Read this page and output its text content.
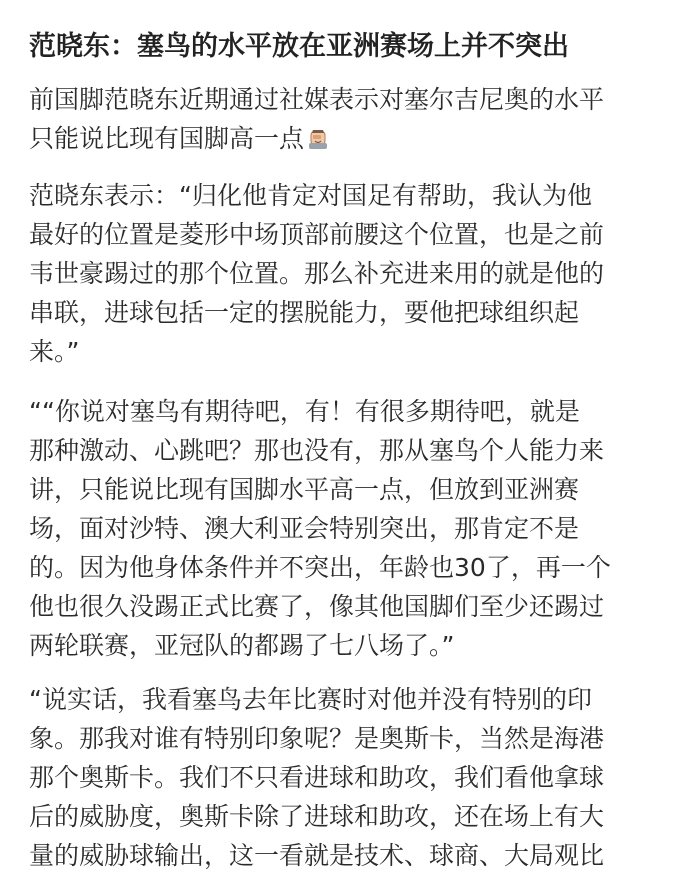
范晓东：塞鸟的水平放在亚洲赛场上并不突出
前国脚范晓东近期通过社媒表示对塞尔吉尼奥的水平
只能说比现有国脚高一点
范晓东表示：“归化他肯定对国足有帮助，我认为他
最好的位置是菱形中场顶部前腰这个位置，也是之前
韦世豪踢过的那个位置。那么补充进来用的就是他的
串联，进球包括一定的摆脱能力，要他把球组织起
来。”
““你说对塞鸟有期待吧，有！有很多期待吧，就是
那种激动、心跳吧？那也没有，那从塞鸟个人能力来
讲，只能说比现有国脚水平高一点，但放到亚洲赛
场，面对沙特、澳大利亚会特别突出，那肯定不是
的。因为他身体条件并不突出，年龄也30了，再一个
他也很久没踢正式比赛了，像其他国脚们至少还踢过
两轮联赛，亚冠队的都踢了七八场了。”
“说实话，我看塞鸟去年比赛时对他并没有特别的印
象。那我对谁有特别印象呢？是奥斯卡，当然是海港
那个奥斯卡。我们不只看进球和助攻，我们看他拿球
后的威胁度，奥斯卡除了进球和助攻，还在场上有大
量的威胁球输出，这一看就是技术、球商、大局观比
